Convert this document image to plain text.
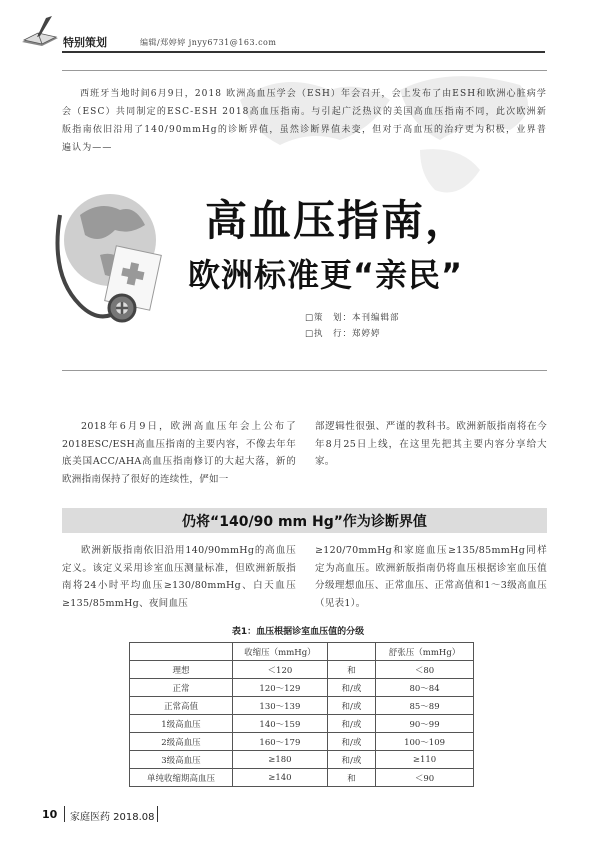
特别策划	编辑/郑婷婷 jnyy6731@163.com
西班牙当地时间6月9日，2018 欧洲高血压学会（ESH）年会召开，会上发布了由ESH和欧洲心脏病学会（ESC）共同制定的ESC-ESH 2018高血压指南。与引起广泛热议的美国高血压指南不同，此次欧洲新版指南依旧沿用了140/90mmHg的诊断界值，虽然诊断界值未变，但对于高血压的治疗更为积极，业界普遍认为——
高血压指南，
欧洲标准更“亲民”
□策　划：本刊编辑部
□执　行：郑婷婷
2018年6月9日，欧洲高血压年会上公布了2018ESC/ESH高血压指南的主要内容，不像去年年底美国ACC/AHA高血压指南修订的大起大落，新的欧洲指南保持了很好的连续性，俨如一
部逻辑性很强、严谨的教科书。欧洲新版指南将在今年8月25日上线，在这里先把其主要内容分享给大家。
仍将“140/90 mm Hg”作为诊断界值
欧洲新版指南依旧沿用140/90mmHg的高血压定义。该定义采用诊室血压测量标准，但欧洲新版指南将24小时平均血压≥130/80mmHg、白天血压≥135/85mmHg、夜间血压
≥120/70mmHg和家庭血压≥135/85mmHg同样定为高血压。欧洲新版指南仍将血压根据诊室血压值分级理想血压、正常血压、正常高值和1～3级高血压（见表1）。
表1：血压根据诊室血压值的分级
	收缩压（mmHg）		舒张压（mmHg）
理想	＜120	和	＜80
正常	120～129	和/或	80～84
正常高值	130～139	和/或	85～89
1级高血压	140～159	和/或	90～99
2级高血压	160～179	和/或	100～109
3级高血压	≥180	和/或	≥110
单纯收缩期高血压	≥140	和	＜90
10 家庭医药 2018.08
